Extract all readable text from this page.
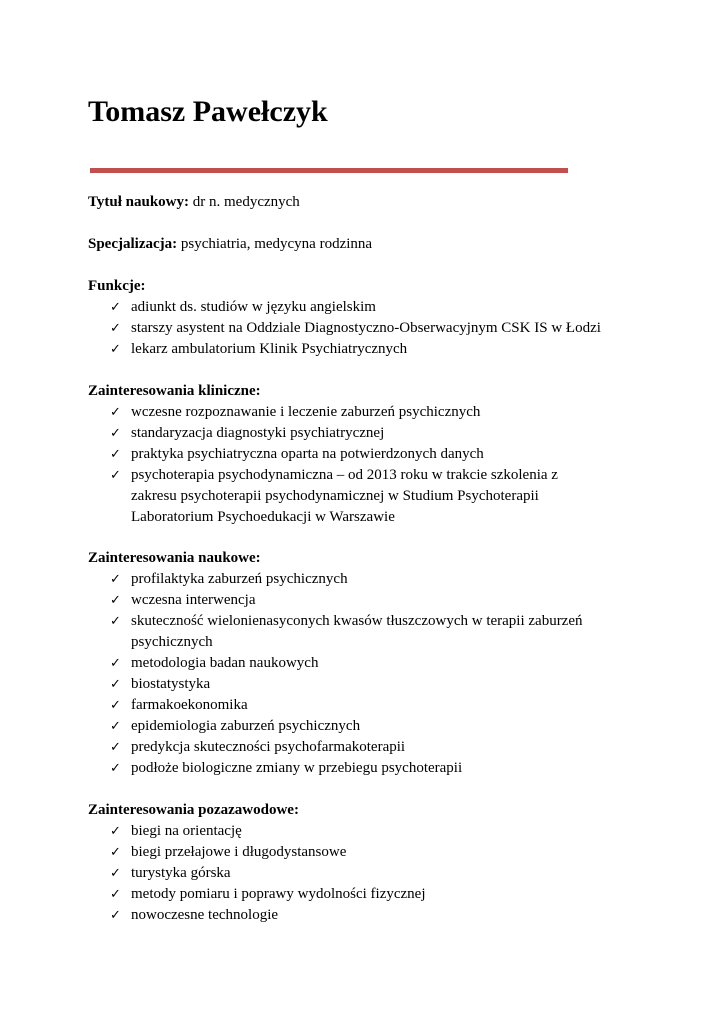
Tomasz Pawełczyk
Tytuł naukowy: dr n. medycznych
Specjalizacja: psychiatria, medycyna rodzinna

Funkcje:

✓ adiunkt ds. studiów w języku angielskim
✓ starszy asystent na Oddziale Diagnostyczno-Obserwacyjnym CSK IS w Łodzi
✓ lekarz ambulatorium Klinik Psychiatrycznych

Zainteresowania kliniczne:

✓ wczesne rozpoznawanie i leczenie zaburzeń psychicznych
✓ standaryzacja diagnostyki psychiatrycznej
✓ praktyka psychiatryczna oparta na potwierdzonych danych
✓ psychoterapia psychodynamiczna – od 2013 roku w trakcie szkolenia z
zakresu psychoterapii psychodynamicznej w Studium Psychoterapii
Laboratorium Psychoedukacji w Warszawie

Zainteresowania naukowe:

✓ profilaktyka zaburzeń psychicznych
✓ wczesna interwencja
✓ skuteczność wielonienasyconych kwasów tłuszczowych w terapii zaburzeń
psychicznych
✓ metodologia badan naukowych
✓ biostatystyka
✓ farmakoekonomika
✓ epidemiologia zaburzeń psychicznych
✓ predykcja skuteczności psychofarmakoterapii
✓ podłoże biologiczne zmiany w przebiegu psychoterapii

Zainteresowania pozazawodowe:

✓ biegi na orientację
✓ biegi przełajowe i długodystansowe
✓ turystyka górska
✓ metody pomiaru i poprawy wydolności fizycznej
✓ nowoczesne technologie
